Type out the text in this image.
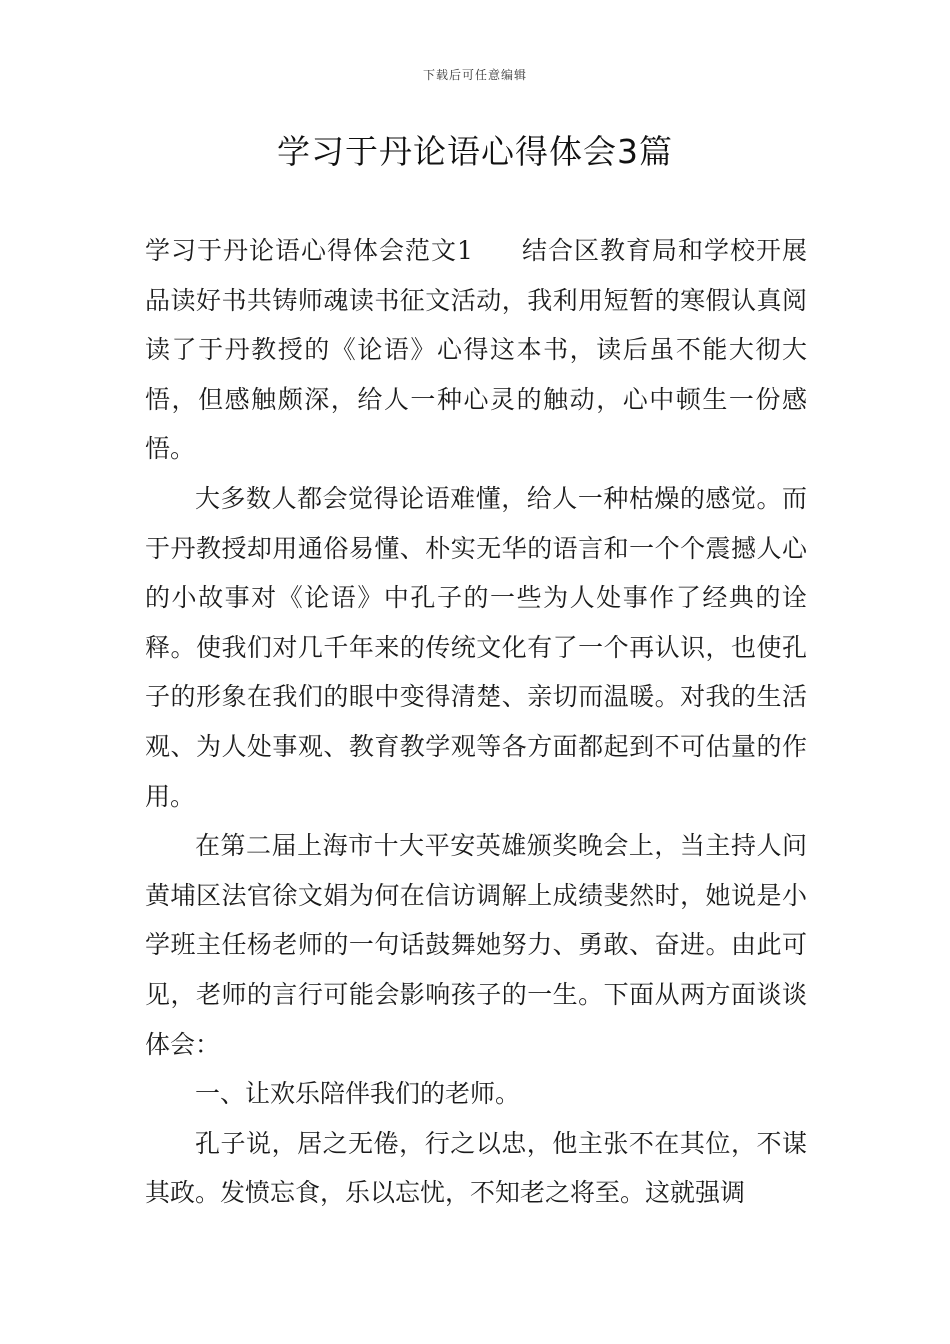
下载后可任意编辑
学习于丹论语心得体会3篇

学习于丹论语心得体会范文1 结合区教育局和学校开展品读好书共铸师魂读书征文活动，我利用短暂的寒假认真阅读了于丹教授的《论语》心得这本书，读后虽不能大彻大悟，但感触颇深，给人一种心灵的触动，心中顿生一份感悟。

大多数人都会觉得论语难懂，给人一种枯燥的感觉。而于丹教授却用通俗易懂、朴实无华的语言和一个个震撼人心的小故事对《论语》中孔子的一些为人处事作了经典的诠释。使我们对几千年来的传统文化有了一个再认识，也使孔子的形象在我们的眼中变得清楚、亲切而温暖。对我的生活观、为人处事观、教育教学观等各方面都起到不可估量的作用。

在第二届上海市十大平安英雄颁奖晚会上，当主持人问黄埔区法官徐文娟为何在信访调解上成绩斐然时，她说是小学班主任杨老师的一句话鼓舞她努力、勇敢、奋进。由此可见，老师的言行可能会影响孩子的一生。下面从两方面谈谈体会：

一、让欢乐陪伴我们的老师。

孔子说，居之无倦，行之以忠，他主张不在其位，不谋其政。发愤忘食，乐以忘忧，不知老之将至。这就强调
